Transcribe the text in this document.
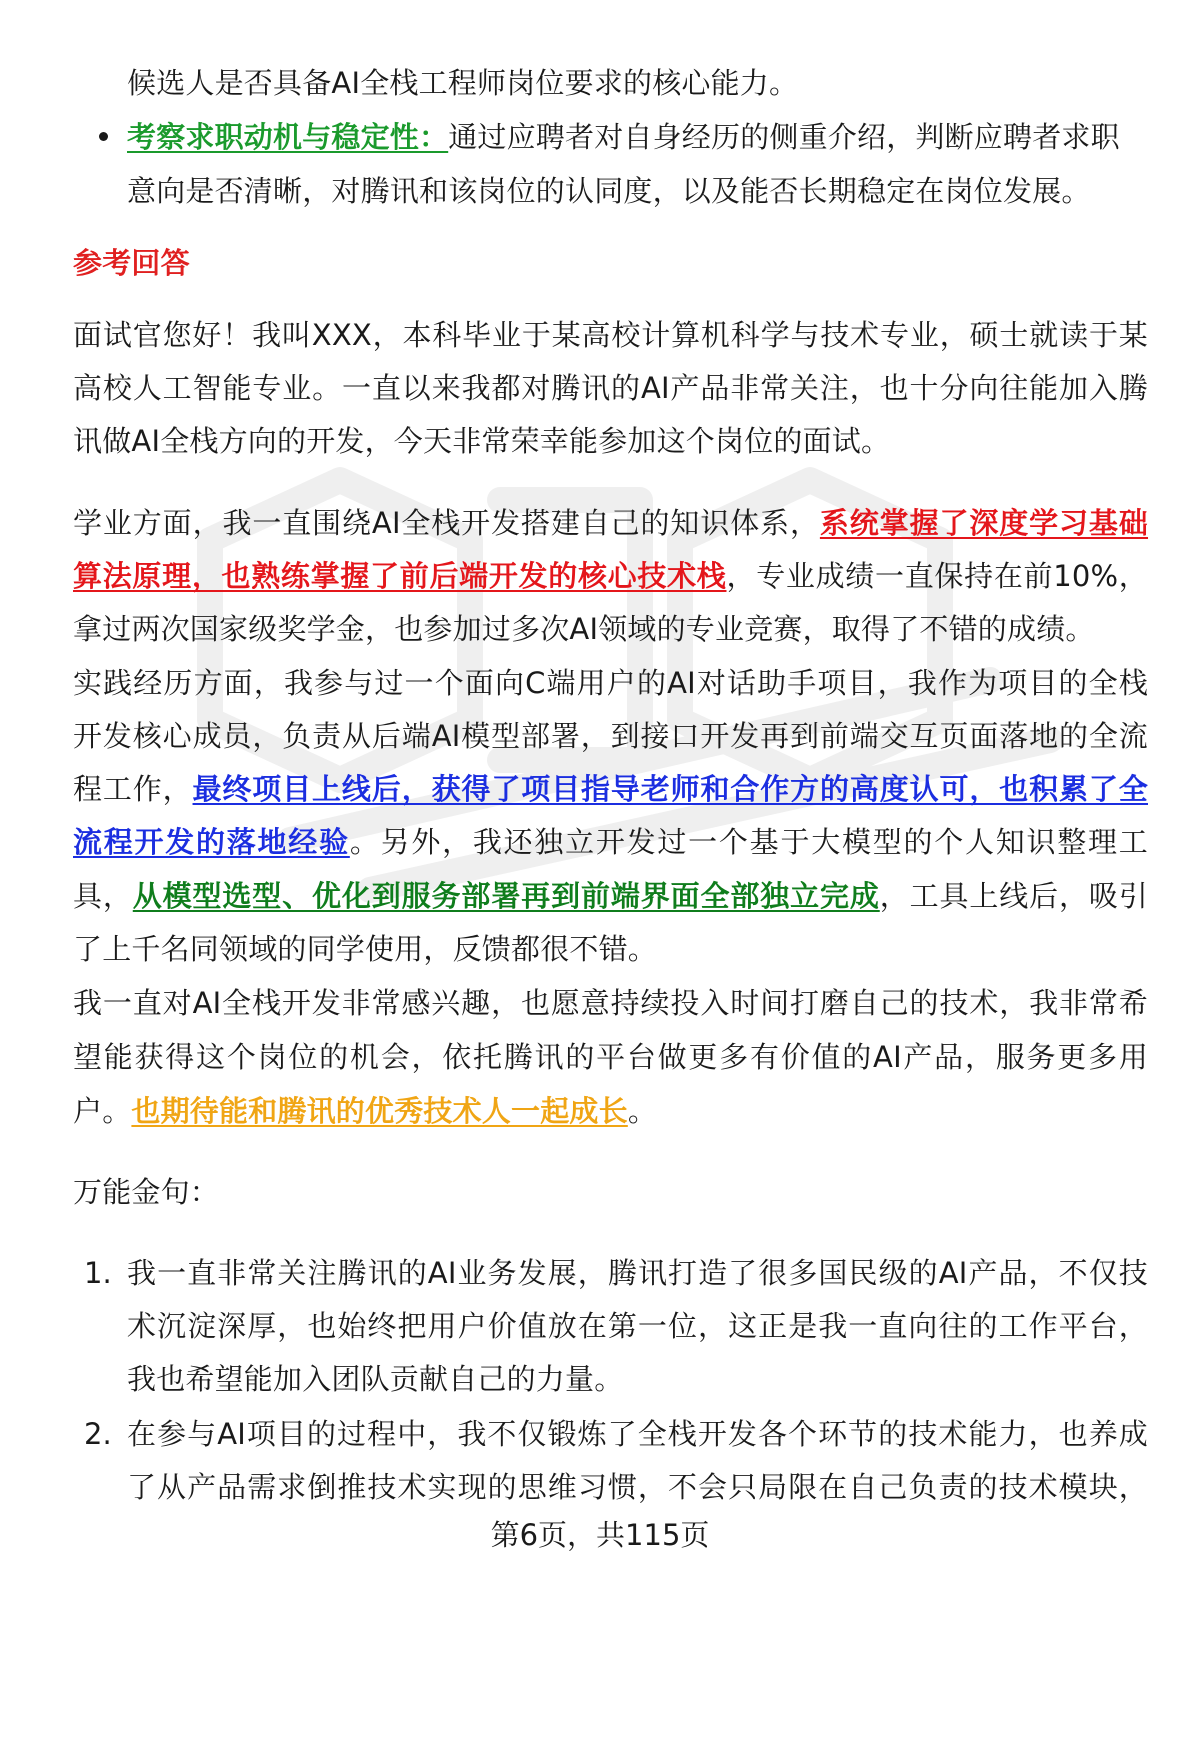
候选人是否具备AI全栈工程师岗位要求的核心能力。
考察求职动机与稳定性：通过应聘者对自身经历的侧重介绍，判断应聘者求职
意向是否清晰，对腾讯和该岗位的认同度，以及能否长期稳定在岗位发展。
参考回答
面试官您好！我叫XXX，本科毕业于某高校计算机科学与技术专业，硕士就读于某
高校人工智能专业。一直以来我都对腾讯的AI产品非常关注，也十分向往能加入腾
讯做AI全栈方向的开发，今天非常荣幸能参加这个岗位的面试。
学业方面，我一直围绕AI全栈开发搭建自己的知识体系，系统掌握了深度学习基础
算法原理，也熟练掌握了前后端开发的核心技术栈，专业成绩一直保持在前10%，
拿过两次国家级奖学金，也参加过多次AI领域的专业竞赛，取得了不错的成绩。
实践经历方面，我参与过一个面向C端用户的AI对话助手项目，我作为项目的全栈
开发核心成员，负责从后端AI模型部署，到接口开发再到前端交互页面落地的全流
程工作，最终项目上线后，获得了项目指导老师和合作方的高度认可，也积累了全
流程开发的落地经验。另外，我还独立开发过一个基于大模型的个人知识整理工
具，从模型选型、优化到服务部署再到前端界面全部独立完成，工具上线后，吸引
了上千名同领域的同学使用，反馈都很不错。
我一直对AI全栈开发非常感兴趣，也愿意持续投入时间打磨自己的技术，我非常希
望能获得这个岗位的机会，依托腾讯的平台做更多有价值的AI产品，服务更多用
户。也期待能和腾讯的优秀技术人一起成长。
万能金句：
1. 我一直非常关注腾讯的AI业务发展，腾讯打造了很多国民级的AI产品，不仅技
术沉淀深厚，也始终把用户价值放在第一位，这正是我一直向往的工作平台，
我也希望能加入团队贡献自己的力量。
2. 在参与AI项目的过程中，我不仅锻炼了全栈开发各个环节的技术能力，也养成
了从产品需求倒推技术实现的思维习惯，不会只局限在自己负责的技术模块，
第6页，共115页
